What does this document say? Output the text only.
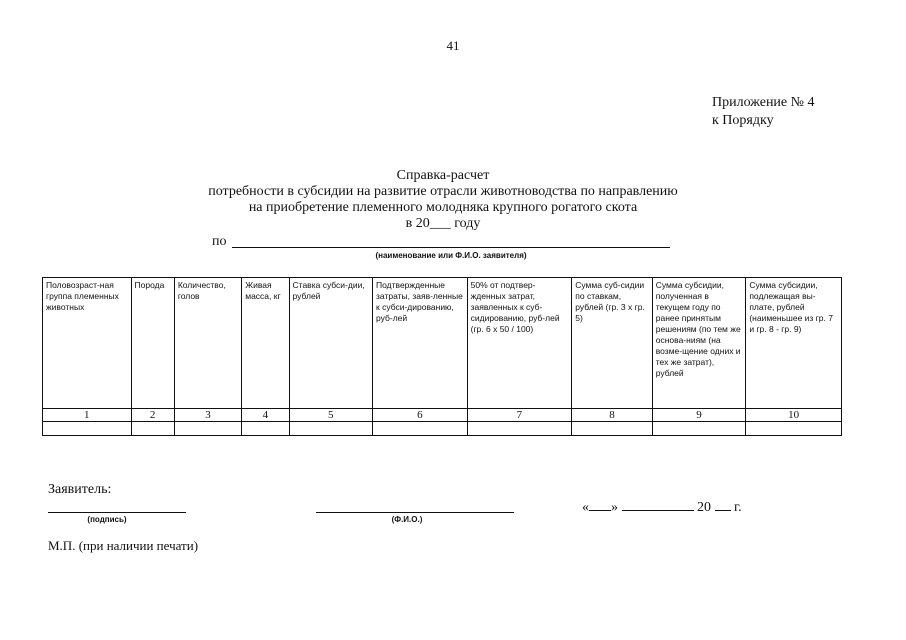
41
Приложение № 4
к Порядку
Справка-расчет
потребности в субсидии на развитие отрасли животноводства по направлению
на приобретение племенного молодняка крупного рогатого скота
в 20___ году
по
(наименование или Ф.И.О. заявителя)
Половозраст-ная группа племенных животных	Порода	Количество, голов	Живая масса, кг	Ставка субси-дии, рублей	Подтвержденные затраты, заяв-ленные к субси-дированию, руб-лей	50% от подтвер-жденных затрат, заявленных к суб-сидированию, руб-лей (гр. 6 x 50 / 100)	Сумма суб-сидии по ставкам, рублей (гр. 3 x гр. 5)	Сумма субсидии, полученная в текущем году по ранее принятым решениям (по тем же основа-ниям (на возме-щение одних и тех же затрат), рублей	Сумма субсидии, подлежащая вы-плате, рублей (наименьшее из гр. 7 и гр. 8 - гр. 9)
1	2	3	4	5	6	7	8	9	10

Заявитель:
(подпись)	(Ф.И.О.)
« »	20 г.
М.П. (при наличии печати)
